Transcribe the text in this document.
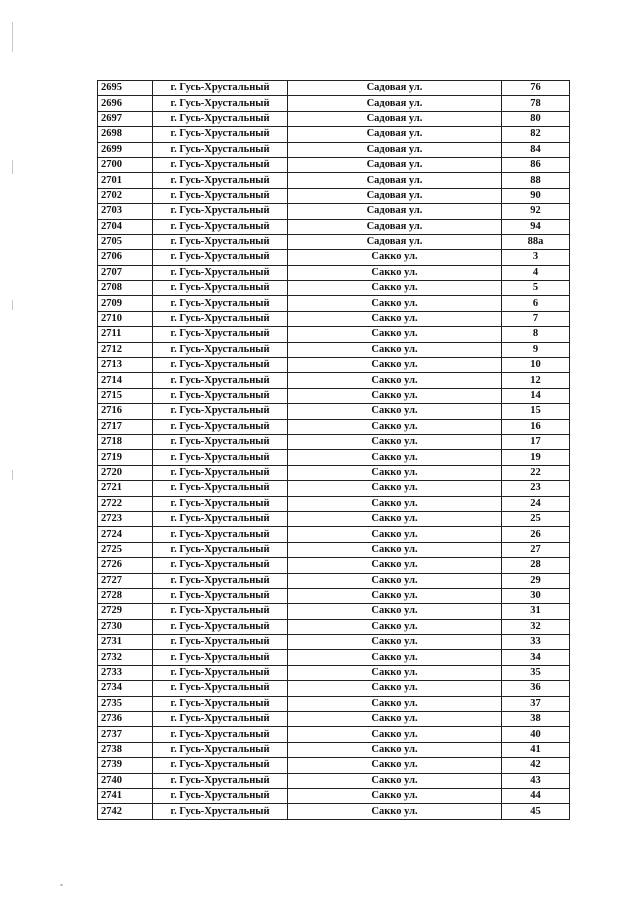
2695	г. Гусь-Хрустальный	Садовая ул.	76
2696	г. Гусь-Хрустальный	Садовая ул.	78
2697	г. Гусь-Хрустальный	Садовая ул.	80
2698	г. Гусь-Хрустальный	Садовая ул.	82
2699	г. Гусь-Хрустальный	Садовая ул.	84
2700	г. Гусь-Хрустальный	Садовая ул.	86
2701	г. Гусь-Хрустальный	Садовая ул.	88
2702	г. Гусь-Хрустальный	Садовая ул.	90
2703	г. Гусь-Хрустальный	Садовая ул.	92
2704	г. Гусь-Хрустальный	Садовая ул.	94
2705	г. Гусь-Хрустальный	Садовая ул.	88а
2706	г. Гусь-Хрустальный	Сакко ул.	3
2707	г. Гусь-Хрустальный	Сакко ул.	4
2708	г. Гусь-Хрустальный	Сакко ул.	5
2709	г. Гусь-Хрустальный	Сакко ул.	6
2710	г. Гусь-Хрустальный	Сакко ул.	7
2711	г. Гусь-Хрустальный	Сакко ул.	8
2712	г. Гусь-Хрустальный	Сакко ул.	9
2713	г. Гусь-Хрустальный	Сакко ул.	10
2714	г. Гусь-Хрустальный	Сакко ул.	12
2715	г. Гусь-Хрустальный	Сакко ул.	14
2716	г. Гусь-Хрустальный	Сакко ул.	15
2717	г. Гусь-Хрустальный	Сакко ул.	16
2718	г. Гусь-Хрустальный	Сакко ул.	17
2719	г. Гусь-Хрустальный	Сакко ул.	19
2720	г. Гусь-Хрустальный	Сакко ул.	22
2721	г. Гусь-Хрустальный	Сакко ул.	23
2722	г. Гусь-Хрустальный	Сакко ул.	24
2723	г. Гусь-Хрустальный	Сакко ул.	25
2724	г. Гусь-Хрустальный	Сакко ул.	26
2725	г. Гусь-Хрустальный	Сакко ул.	27
2726	г. Гусь-Хрустальный	Сакко ул.	28
2727	г. Гусь-Хрустальный	Сакко ул.	29
2728	г. Гусь-Хрустальный	Сакко ул.	30
2729	г. Гусь-Хрустальный	Сакко ул.	31
2730	г. Гусь-Хрустальный	Сакко ул.	32
2731	г. Гусь-Хрустальный	Сакко ул.	33
2732	г. Гусь-Хрустальный	Сакко ул.	34
2733	г. Гусь-Хрустальный	Сакко ул.	35
2734	г. Гусь-Хрустальный	Сакко ул.	36
2735	г. Гусь-Хрустальный	Сакко ул.	37
2736	г. Гусь-Хрустальный	Сакко ул.	38
2737	г. Гусь-Хрустальный	Сакко ул.	40
2738	г. Гусь-Хрустальный	Сакко ул.	41
2739	г. Гусь-Хрустальный	Сакко ул.	42
2740	г. Гусь-Хрустальный	Сакко ул.	43
2741	г. Гусь-Хрустальный	Сакко ул.	44
2742	г. Гусь-Хрустальный	Сакко ул.	45
